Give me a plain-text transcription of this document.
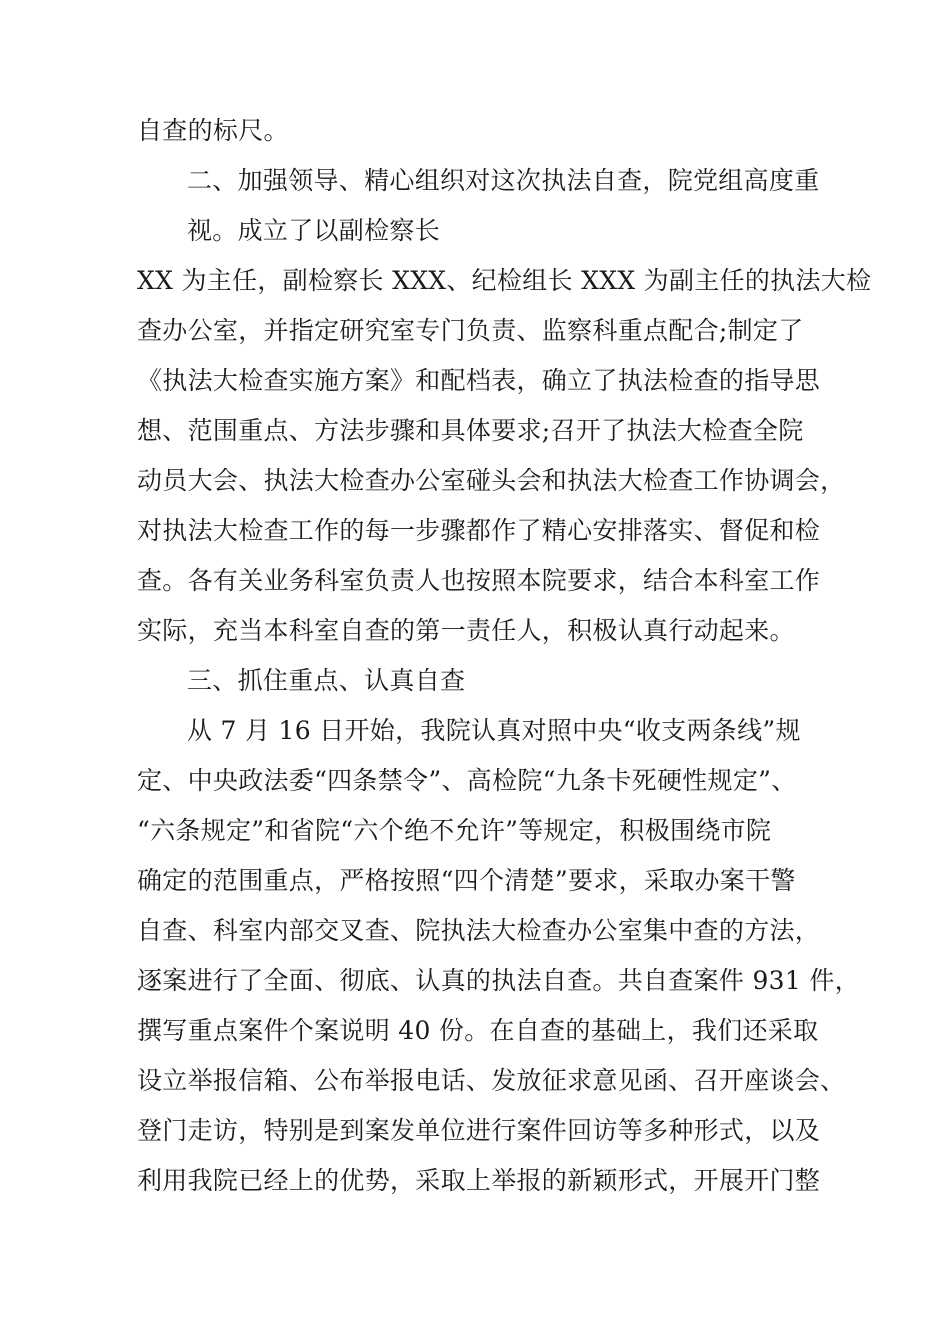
自查的标尺。

二、加强领导、精心组织对这次执法自查，院党组高度重

视。成立了以副检察长

XX 为主任，副检察长 XXX、纪检组长 XXX 为副主任的执法大检

查办公室，并指定研究室专门负责、监察科重点配合;制定了

《执法大检查实施方案》和配档表，确立了执法检查的指导思

想、范围重点、方法步骤和具体要求;召开了执法大检查全院

动员大会、执法大检查办公室碰头会和执法大检查工作协调会，

对执法大检查工作的每一步骤都作了精心安排落实、督促和检

查。各有关业务科室负责人也按照本院要求，结合本科室工作

实际，充当本科室自查的第一责任人，积极认真行动起来。

三、抓住重点、认真自查

从 7 月 16 日开始，我院认真对照中央“收支两条线”规

定、中央政法委“四条禁令”、高检院“九条卡死硬性规定”、

“六条规定”和省院“六个绝不允许”等规定，积极围绕市院

确定的范围重点，严格按照“四个清楚”要求，采取办案干警

自查、科室内部交叉查、院执法大检查办公室集中查的方法，

逐案进行了全面、彻底、认真的执法自查。共自查案件 931 件，

撰写重点案件个案说明 40 份。在自查的基础上，我们还采取

设立举报信箱、公布举报电话、发放征求意见函、召开座谈会、

登门走访，特别是到案发单位进行案件回访等多种形式，以及

利用我院已经上的优势，采取上举报的新颖形式，开展开门整
